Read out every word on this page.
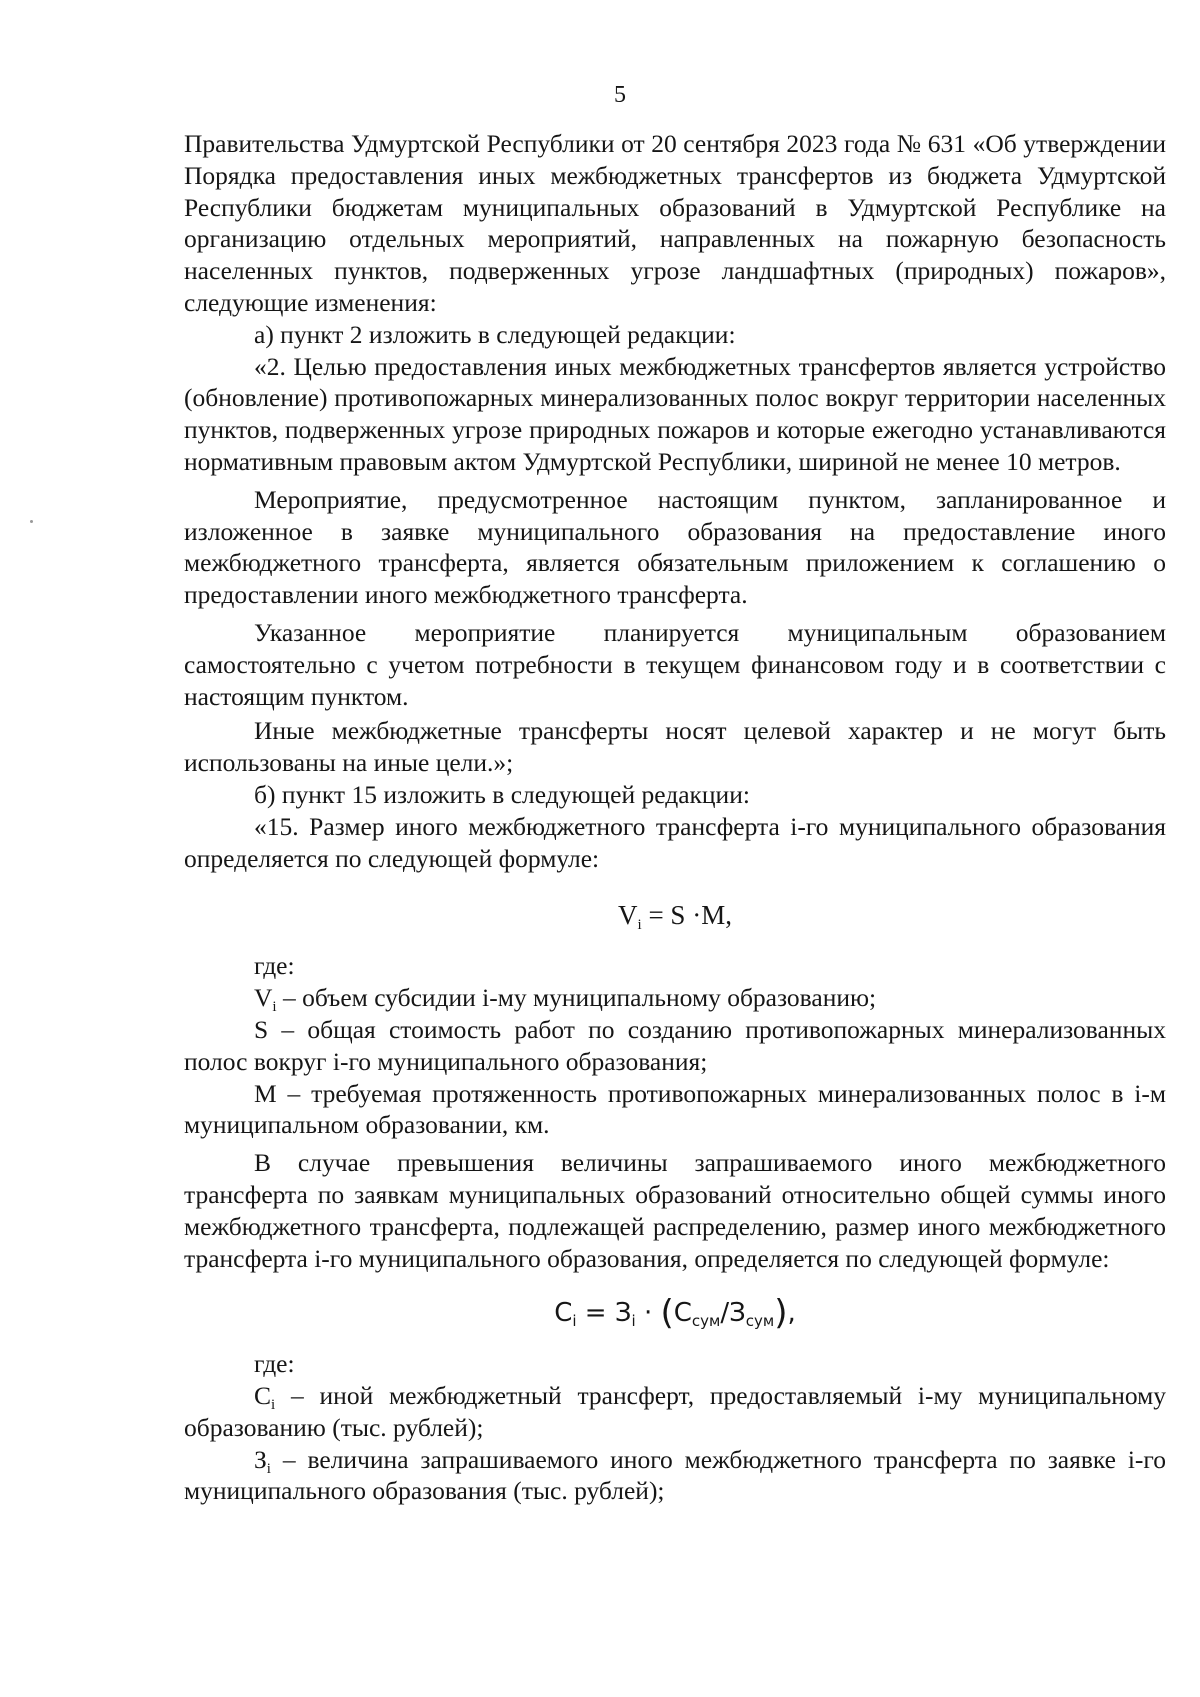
5

Правительства Удмуртской Республики от 20 сентября 2023 года № 631 «Об утверждении Порядка предоставления иных межбюджетных трансфертов из бюджета Удмуртской Республики бюджетам муниципальных образований в Удмуртской Республике на организацию отдельных мероприятий, направленных на пожарную безопасность населенных пунктов, подверженных угрозе ландшафтных (природных) пожаров», следующие изменения:

а) пункт 2 изложить в следующей редакции:

«2. Целью предоставления иных межбюджетных трансфертов является устройство (обновление) противопожарных минерализованных полос вокруг территории населенных пунктов, подверженных угрозе природных пожаров и которые ежегодно устанавливаются нормативным правовым актом Удмуртской Республики, шириной не менее 10 метров.

Мероприятие, предусмотренное настоящим пунктом, запланированное и изложенное в заявке муниципального образования на предоставление иного межбюджетного трансферта, является обязательным приложением к соглашению о предоставлении иного межбюджетного трансферта.

Указанное мероприятие планируется муниципальным образованием самостоятельно с учетом потребности в текущем финансовом году и в соответствии с настоящим пунктом.

Иные межбюджетные трансферты носят целевой характер и не могут быть использованы на иные цели.»;

б) пункт 15 изложить в следующей редакции:

«15. Размер иного межбюджетного трансферта i-го муниципального образования определяется по следующей формуле:

$V_i = S \cdot M$,

где:

$V_i$ – объем субсидии i-му муниципальному образованию;

S – общая стоимость работ по созданию противопожарных минерализованных полос вокруг i-го муниципального образования;

M – требуемая протяженность противопожарных минерализованных полос в i-м муниципальном образовании, км.

В случае превышения величины запрашиваемого иного межбюджетного трансферта по заявкам муниципальных образований относительно общей суммы иного межбюджетного трансферта, подлежащей распределению, размер иного межбюджетного трансферта i-го муниципального образования, определяется по следующей формуле:

$C_i = З_i \cdot (C_{сум}/З_{сум})$,

где:

$C_i$ – иной межбюджетный трансферт, предоставляемый i-му муниципальному образованию (тыс. рублей);

$З_i$ – величина запрашиваемого иного межбюджетного трансферта по заявке i-го муниципального образования (тыс. рублей);
